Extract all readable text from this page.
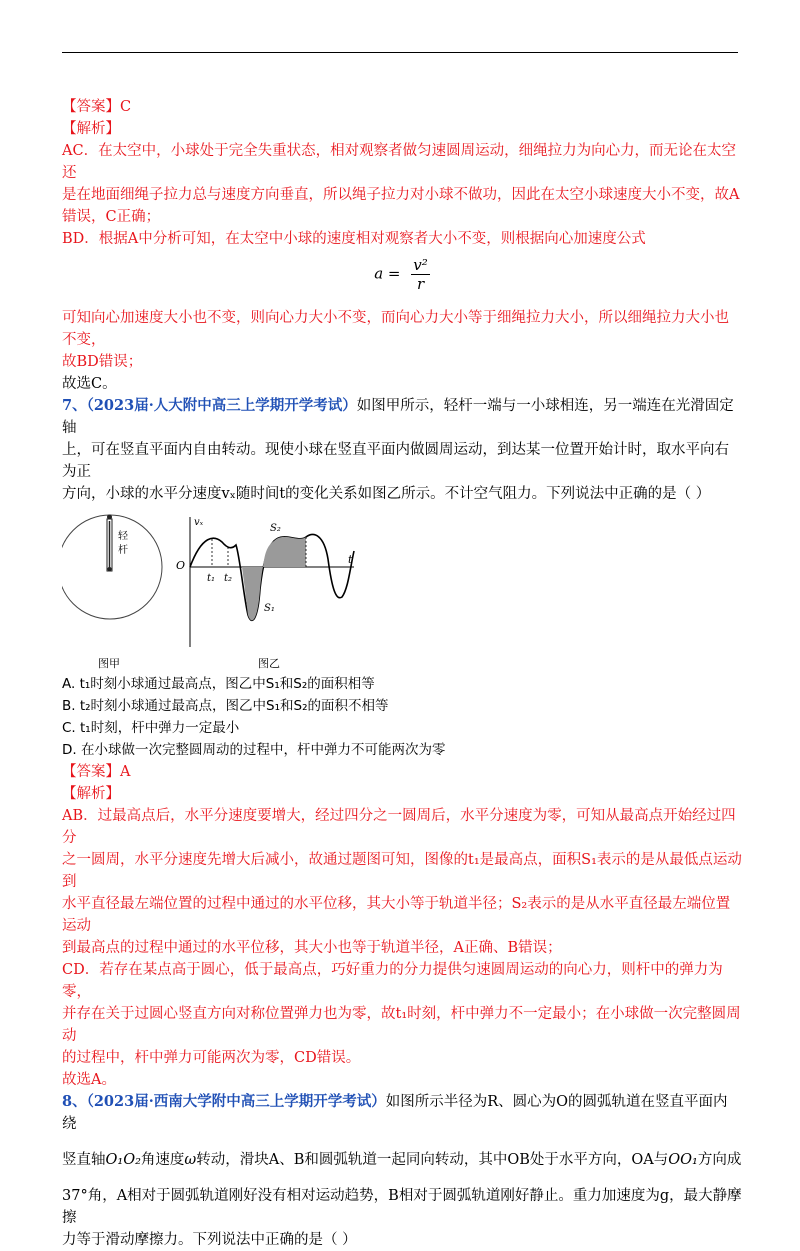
【答案】C

【解析】

AC．在太空中，小球处于完全失重状态，相对观察者做匀速圆周运动，细绳拉力为向心力，而无论在太空还

是在地面细绳子拉力总与速度方向垂直，所以绳子拉力对小球不做功，因此在太空小球速度大小不变，故A

错误，C正确；

BD．根据A中分析可知，在太空中小球的速度相对观察者大小不变，则根据向心加速度公式

$a = \frac{\text{v²}}{r}$

可知向心加速度大小也不变，则向心力大小不变，而向心力大小等于细绳拉力大小，所以细绳拉力大小也不变，

故BD错误；

故选C。

7、（2023届·人大附中高三上学期开学考试）如图甲所示，轻杆一端与一小球相连，另一端连在光滑固定轴

上，可在竖直平面内自由转动。现使小球在竖直平面内做圆周运动，到达某一位置开始计时，取水平向右为正

方向，小球的水平分速度vₓ随时间t的变化关系如图乙所示。不计空气阻力。下列说法中正确的是（ ）

轻杆
图甲
O
vₓ
t
t₁ t₂
S₁
S₂
图乙

A. t₁时刻小球通过最高点，图乙中S₁和S₂的面积相等

B. t₂时刻小球通过最高点，图乙中S₁和S₂的面积不相等

C. t₁时刻，杆中弹力一定最小

D. 在小球做一次完整圆周动的过程中，杆中弹力不可能两次为零

【答案】A

【解析】

AB．过最高点后，水平分速度要增大，经过四分之一圆周后，水平分速度为零，可知从最高点开始经过四分

之一圆周，水平分速度先增大后减小，故通过题图可知，图像的t₁是最高点，面积S₁表示的是从最低点运动到

水平直径最左端位置的过程中通过的水平位移，其大小等于轨道半径；S₂表示的是从水平直径最左端位置运动

到最高点的过程中通过的水平位移，其大小也等于轨道半径，A正确、B错误；

CD．若存在某点高于圆心，低于最高点，巧好重力的分力提供匀速圆周运动的向心力，则杆中的弹力为零，

并存在关于过圆心竖直方向对称位置弹力也为零，故t₁时刻，杆中弹力不一定最小；在小球做一次完整圆周动

的过程中，杆中弹力可能两次为零，CD错误。

故选A。

8、（2023届·西南大学附中高三上学期开学考试）如图所示半径为R、圆心为O的圆弧轨道在竖直平面内绕

竖直轴O₁O₂角速度ω转动，滑块A、B和圆弧轨道一起同向转动，其中OB处于水平方向，OA与OO₁方向成

37°角，A相对于圆弧轨道刚好没有相对运动趋势，B相对于圆弧轨道刚好静止。重力加速度为g，最大静摩擦

力等于滑动摩擦力。下列说法中正确的是（ ）
